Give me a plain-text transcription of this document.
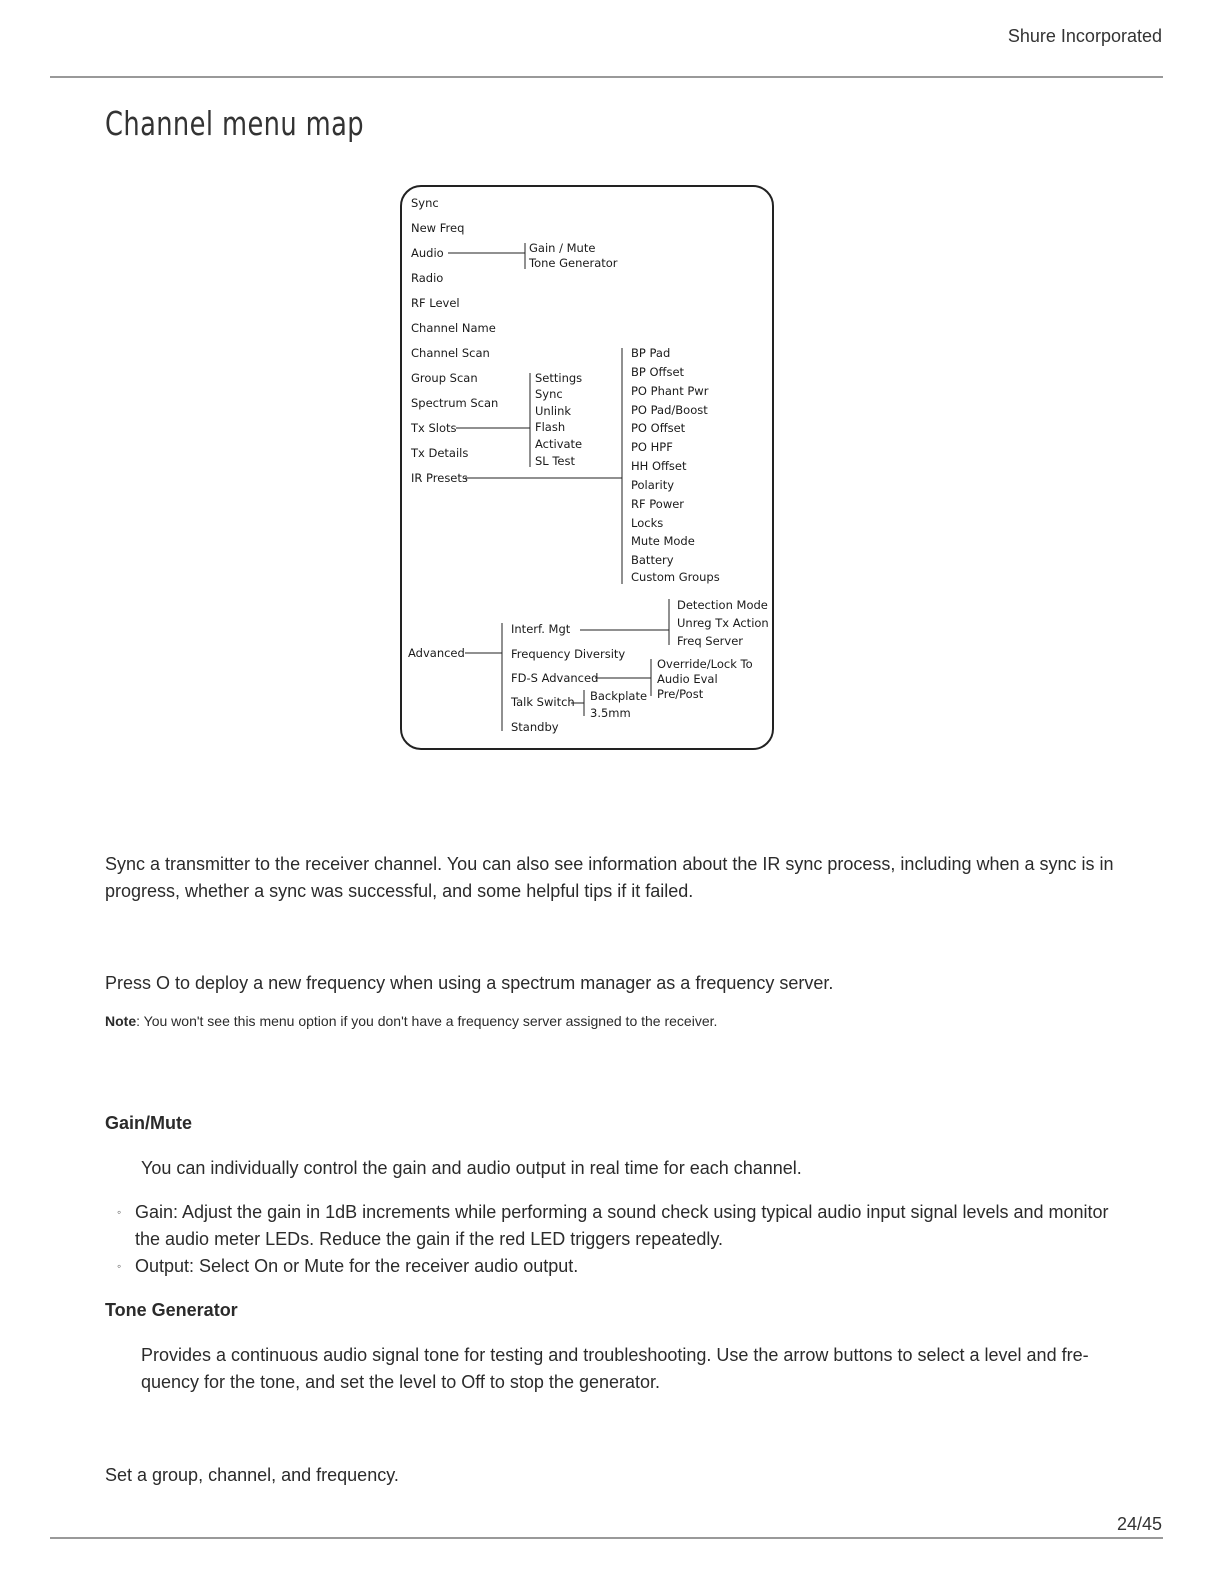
Shure Incorporated
Channel menu map
Sync
New Freq
Audio
Radio
RF Level
Channel Name
Channel Scan
Group Scan
Spectrum Scan
Tx Slots
Tx Details
IR Presets
Gain / Mute
Tone Generator
Settings
Sync
Unlink
Flash
Activate
SL Test
BP Pad
BP Offset
PO Phant Pwr
PO Pad/Boost
PO Offset
PO HPF
HH Offset
Polarity
RF Power
Locks
Mute Mode
Battery
Custom Groups
Advanced
Interf. Mgt
Frequency Diversity
FD-S Advanced
Talk Switch
Standby
Detection Mode
Unreg Tx Action
Freq Server
Override/Lock To
Audio Eval
Pre/Post
Backplate
3.5mm

Sync a transmitter to the receiver channel. You can also see information about the IR sync process, including when a sync is in progress, whether a sync was successful, and some helpful tips if it failed.

Press O to deploy a new frequency when using a spectrum manager as a frequency server.

Note: You won't see this menu option if you don't have a frequency server assigned to the receiver.

Gain/Mute

You can individually control the gain and audio output in real time for each channel.

◦ Gain: Adjust the gain in 1dB increments while performing a sound check using typical audio input signal levels and monitor the audio meter LEDs. Reduce the gain if the red LED triggers repeatedly.
◦ Output: Select On or Mute for the receiver audio output.

Tone Generator

Provides a continuous audio signal tone for testing and troubleshooting. Use the arrow buttons to select a level and fre-quency for the tone, and set the level to Off to stop the generator.

Set a group, channel, and frequency.

24/45
